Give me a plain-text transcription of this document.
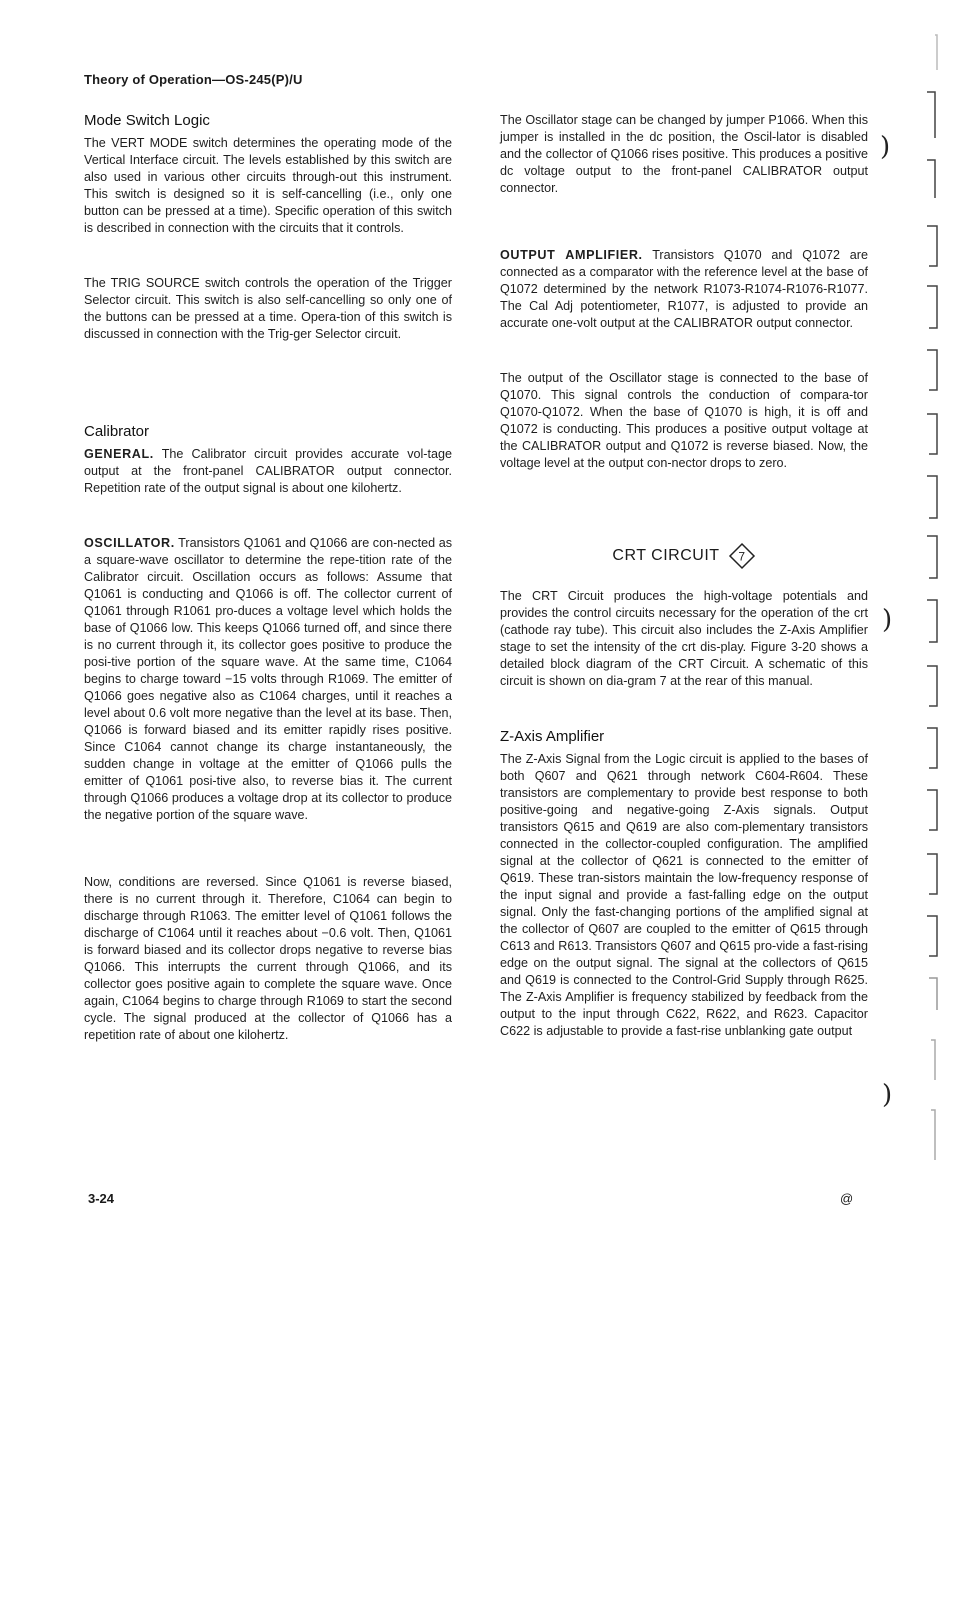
Theory of Operation—OS-245(P)/U
Mode Switch Logic

The VERT MODE switch determines the operating mode of the Vertical Interface circuit. The levels established by this switch are also used in various other circuits through-out this instrument. This switch is designed so it is self-cancelling (i.e., only one button can be pressed at a time). Specific operation of this switch is described in connection with the circuits that it controls.

The TRIG SOURCE switch controls the operation of the Trigger Selector circuit. This switch is also self-cancelling so only one of the buttons can be pressed at a time. Opera-tion of this switch is discussed in connection with the Trig-ger Selector circuit.

Calibrator

GENERAL. The Calibrator circuit provides accurate vol-tage output at the front-panel CALIBRATOR output connector. Repetition rate of the output signal is about one kilohertz.

OSCILLATOR. Transistors Q1061 and Q1066 are con-nected as a square-wave oscillator to determine the repe-tition rate of the Calibrator circuit. Oscillation occurs as follows: Assume that Q1061 is conducting and Q1066 is off. The collector current of Q1061 through R1061 pro-duces a voltage level which holds the base of Q1066 low. This keeps Q1066 turned off, and since there is no current through it, its collector goes positive to produce the posi-tive portion of the square wave. At the same time, C1064 begins to charge toward −15 volts through R1069. The emitter of Q1066 goes negative also as C1064 charges, until it reaches a level about 0.6 volt more negative than the level at its base. Then, Q1066 is forward biased and its emitter rapidly rises positive. Since C1064 cannot change its charge instantaneously, the sudden change in voltage at the emitter of Q1066 pulls the emitter of Q1061 posi-tive also, to reverse bias it. The current through Q1066 produces a voltage drop at its collector to produce the negative portion of the square wave.

Now, conditions are reversed. Since Q1061 is reverse biased, there is no current through it. Therefore, C1064 can begin to discharge through R1063. The emitter level of Q1061 follows the discharge of C1064 until it reaches about −0.6 volt. Then, Q1061 is forward biased and its collector drops negative to reverse bias Q1066. This interrupts the current through Q1066, and its collector goes positive again to complete the square wave. Once again, C1064 begins to charge through R1069 to start the second cycle. The signal produced at the collector of Q1066 has a repetition rate of about one kilohertz.

The Oscillator stage can be changed by jumper P1066. When this jumper is installed in the dc position, the Oscil-lator is disabled and the collector of Q1066 rises positive. This produces a positive dc voltage output to the front-panel CALIBRATOR output connector.

OUTPUT AMPLIFIER. Transistors Q1070 and Q1072 are connected as a comparator with the reference level at the base of Q1072 determined by the network R1073-R1074-R1076-R1077. The Cal Adj potentiometer, R1077, is adjusted to provide an accurate one-volt output at the CALIBRATOR output connector.

The output of the Oscillator stage is connected to the base of Q1070. This signal controls the conduction of compara-tor Q1070-Q1072. When the base of Q1070 is high, it is off and Q1072 is conducting. This produces a positive output voltage at the CALIBRATOR output and Q1072 is reverse biased. Now, the voltage level at the output con-nector drops to zero.

CRT CIRCUIT 7

The CRT Circuit produces the high-voltage potentials and provides the control circuits necessary for the operation of the crt (cathode ray tube). This circuit also includes the Z-Axis Amplifier stage to set the intensity of the crt dis-play. Figure 3-20 shows a detailed block diagram of the CRT Circuit. A schematic of this circuit is shown on dia-gram 7 at the rear of this manual.

Z-Axis Amplifier

The Z-Axis Signal from the Logic circuit is applied to the bases of both Q607 and Q621 through network C604-R604. These transistors are complementary to provide best response to both positive-going and negative-going Z-Axis signals. Output transistors Q615 and Q619 are also com-plementary transistors connected in the collector-coupled configuration. The amplified signal at the collector of Q621 is connected to the emitter of Q619. These tran-sistors maintain the low-frequency response of the input signal and provide a fast-falling edge on the output signal. Only the fast-changing portions of the amplified signal at the collector of Q607 are coupled to the emitter of Q615 through C613 and R613. Transistors Q607 and Q615 pro-vide a fast-rising edge on the output signal. The signal at the collectors of Q615 and Q619 is connected to the Control-Grid Supply through R625. The Z-Axis Amplifier is frequency stabilized by feedback from the output to the input through C622, R622, and R623. Capacitor C622 is adjustable to provide a fast-rise unblanking gate output

3-24	@
)
)
)
